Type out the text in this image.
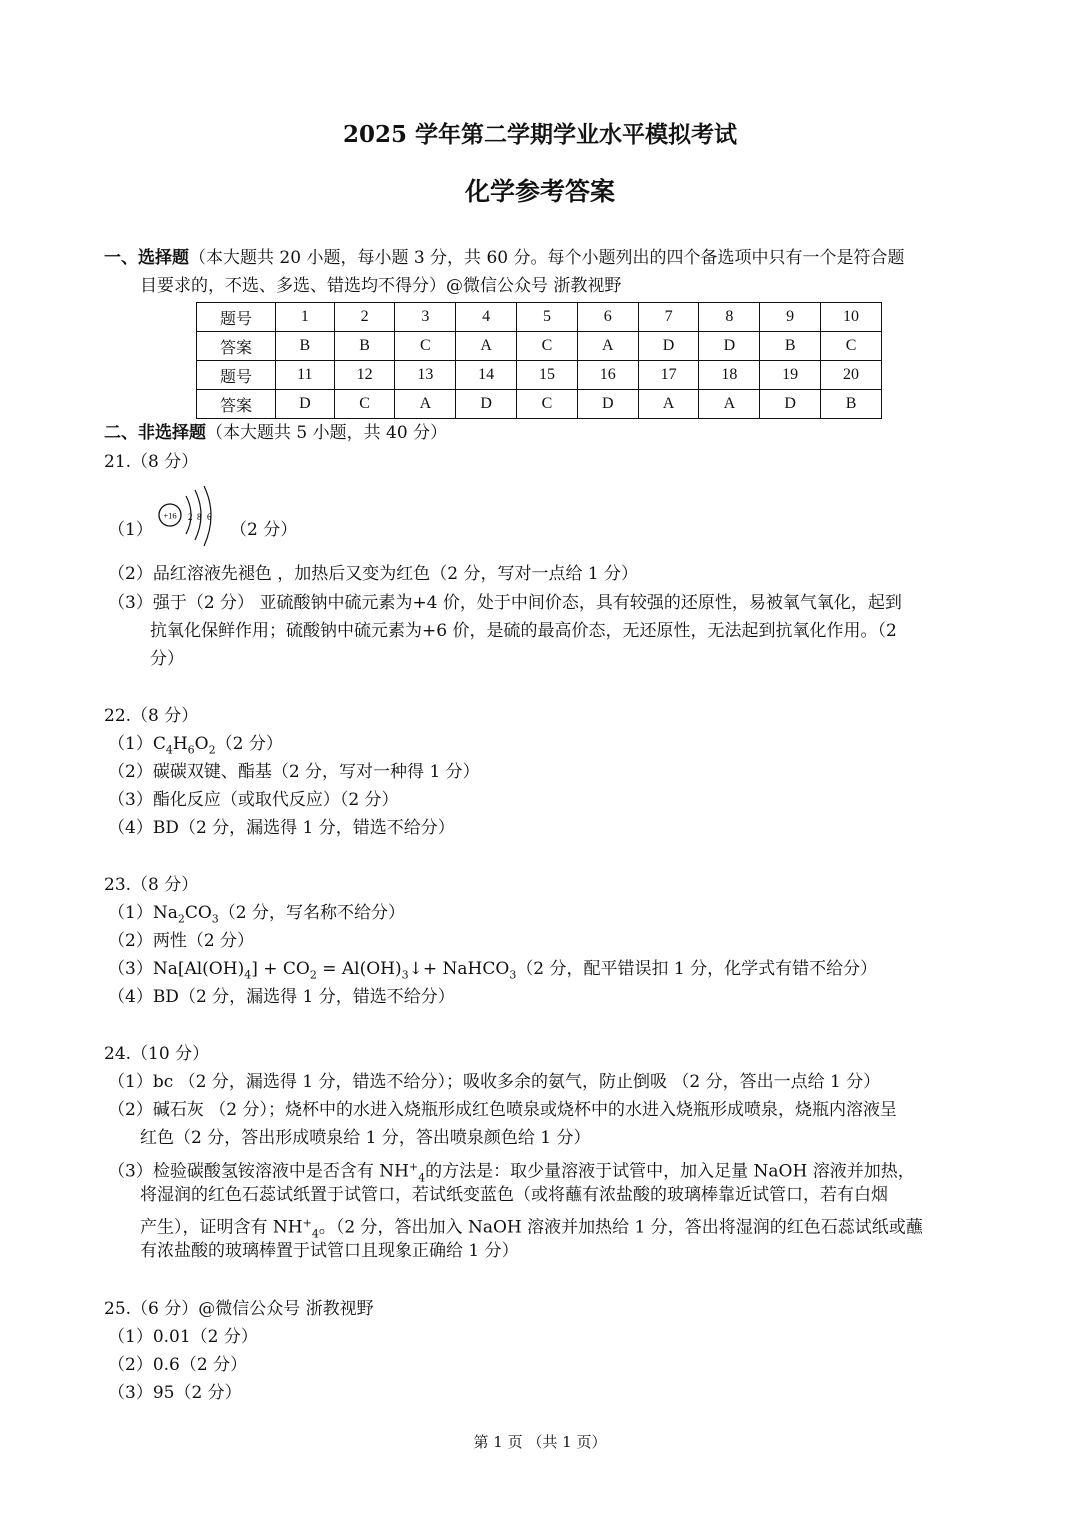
2025 学年第二学期学业水平模拟考试
化学参考答案
一、选择题（本大题共 20 小题，每小题 3 分，共 60 分。每个小题列出的四个备选项中只有一个是符合题
目要求的，不选、多选、错选均不得分）@微信公众号 浙教视野
题号	1	2	3	4	5	6	7	8	9	10
答案	B	B	C	A	C	A	D	D	B	C
题号	11	12	13	14	15	16	17	18	19	20
答案	D	C	A	D	C	D	A	A	D	B
二、非选择题（本大题共 5 小题，共 40 分）
21.（8 分）
（1）
+16 2 8 6
（2 分）
（2）品红溶液先褪色 ，加热后又变为红色（2 分，写对一点给 1 分）
（3）强于（2 分） 亚硫酸钠中硫元素为+4 价，处于中间价态，具有较强的还原性，易被氧气氧化，起到
抗氧化保鲜作用；硫酸钠中硫元素为+6 价，是硫的最高价态，无还原性，无法起到抗氧化作用。（2
分）
22.（8 分）
$(1)C_4H_6O_2(2$ 分）
（2）碳碳双键、酯基（2 分，写对一种得 1 分）
（3）酯化反应（或取代反应）（2 分）
（4）BD（2 分，漏选得 1 分，错选不给分）
23.（8 分）
$(1)Na_2CO_3(2$ 分，写名称不给分）
（2）两性（2 分）
$(3)Na[Al(OH)_4] + CO_2$ = $Al(OH)_3↓+$ NaHCO$_3$（2 分，配平错误扣 1 分，化学式有错不给分）
（4）BD（2 分，漏选得 1 分，错选不给分）
24.（10 分）
（1）bc （2 分，漏选得 1 分，错选不给分）；吸收多余的氨气，防止倒吸 （2 分，答出一点给 1 分）
（2）碱石灰 （2 分）；烧杯中的水进入烧瓶形成红色喷泉或烧杯中的水进入烧瓶形成喷泉，烧瓶内溶液呈
红色（2 分，答出形成喷泉给 1 分，答出喷泉颜色给 1 分）
（3）检验碳酸氢铵溶液中是否含有 $NH^+_4$的方法是：取少量溶液于试管中，加入足量 NaOH 溶液并加热，
将湿润的红色石蕊试纸置于试管口，若试纸变蓝色（或将蘸有浓盐酸的玻璃棒靠近试管口，若有白烟
产生），证明含有 $NH^+_4$。（2 分，答出加入 NaOH 溶液并加热给 1 分，答出将湿润的红色石蕊试纸或蘸
有浓盐酸的玻璃棒置于试管口且现象正确给 1 分）
25.（6 分）@微信公众号 浙教视野
（1）0.01（2 分）
（2）0.6（2 分）
（3）95（2 分）
第 1 页 （共 1 页）
